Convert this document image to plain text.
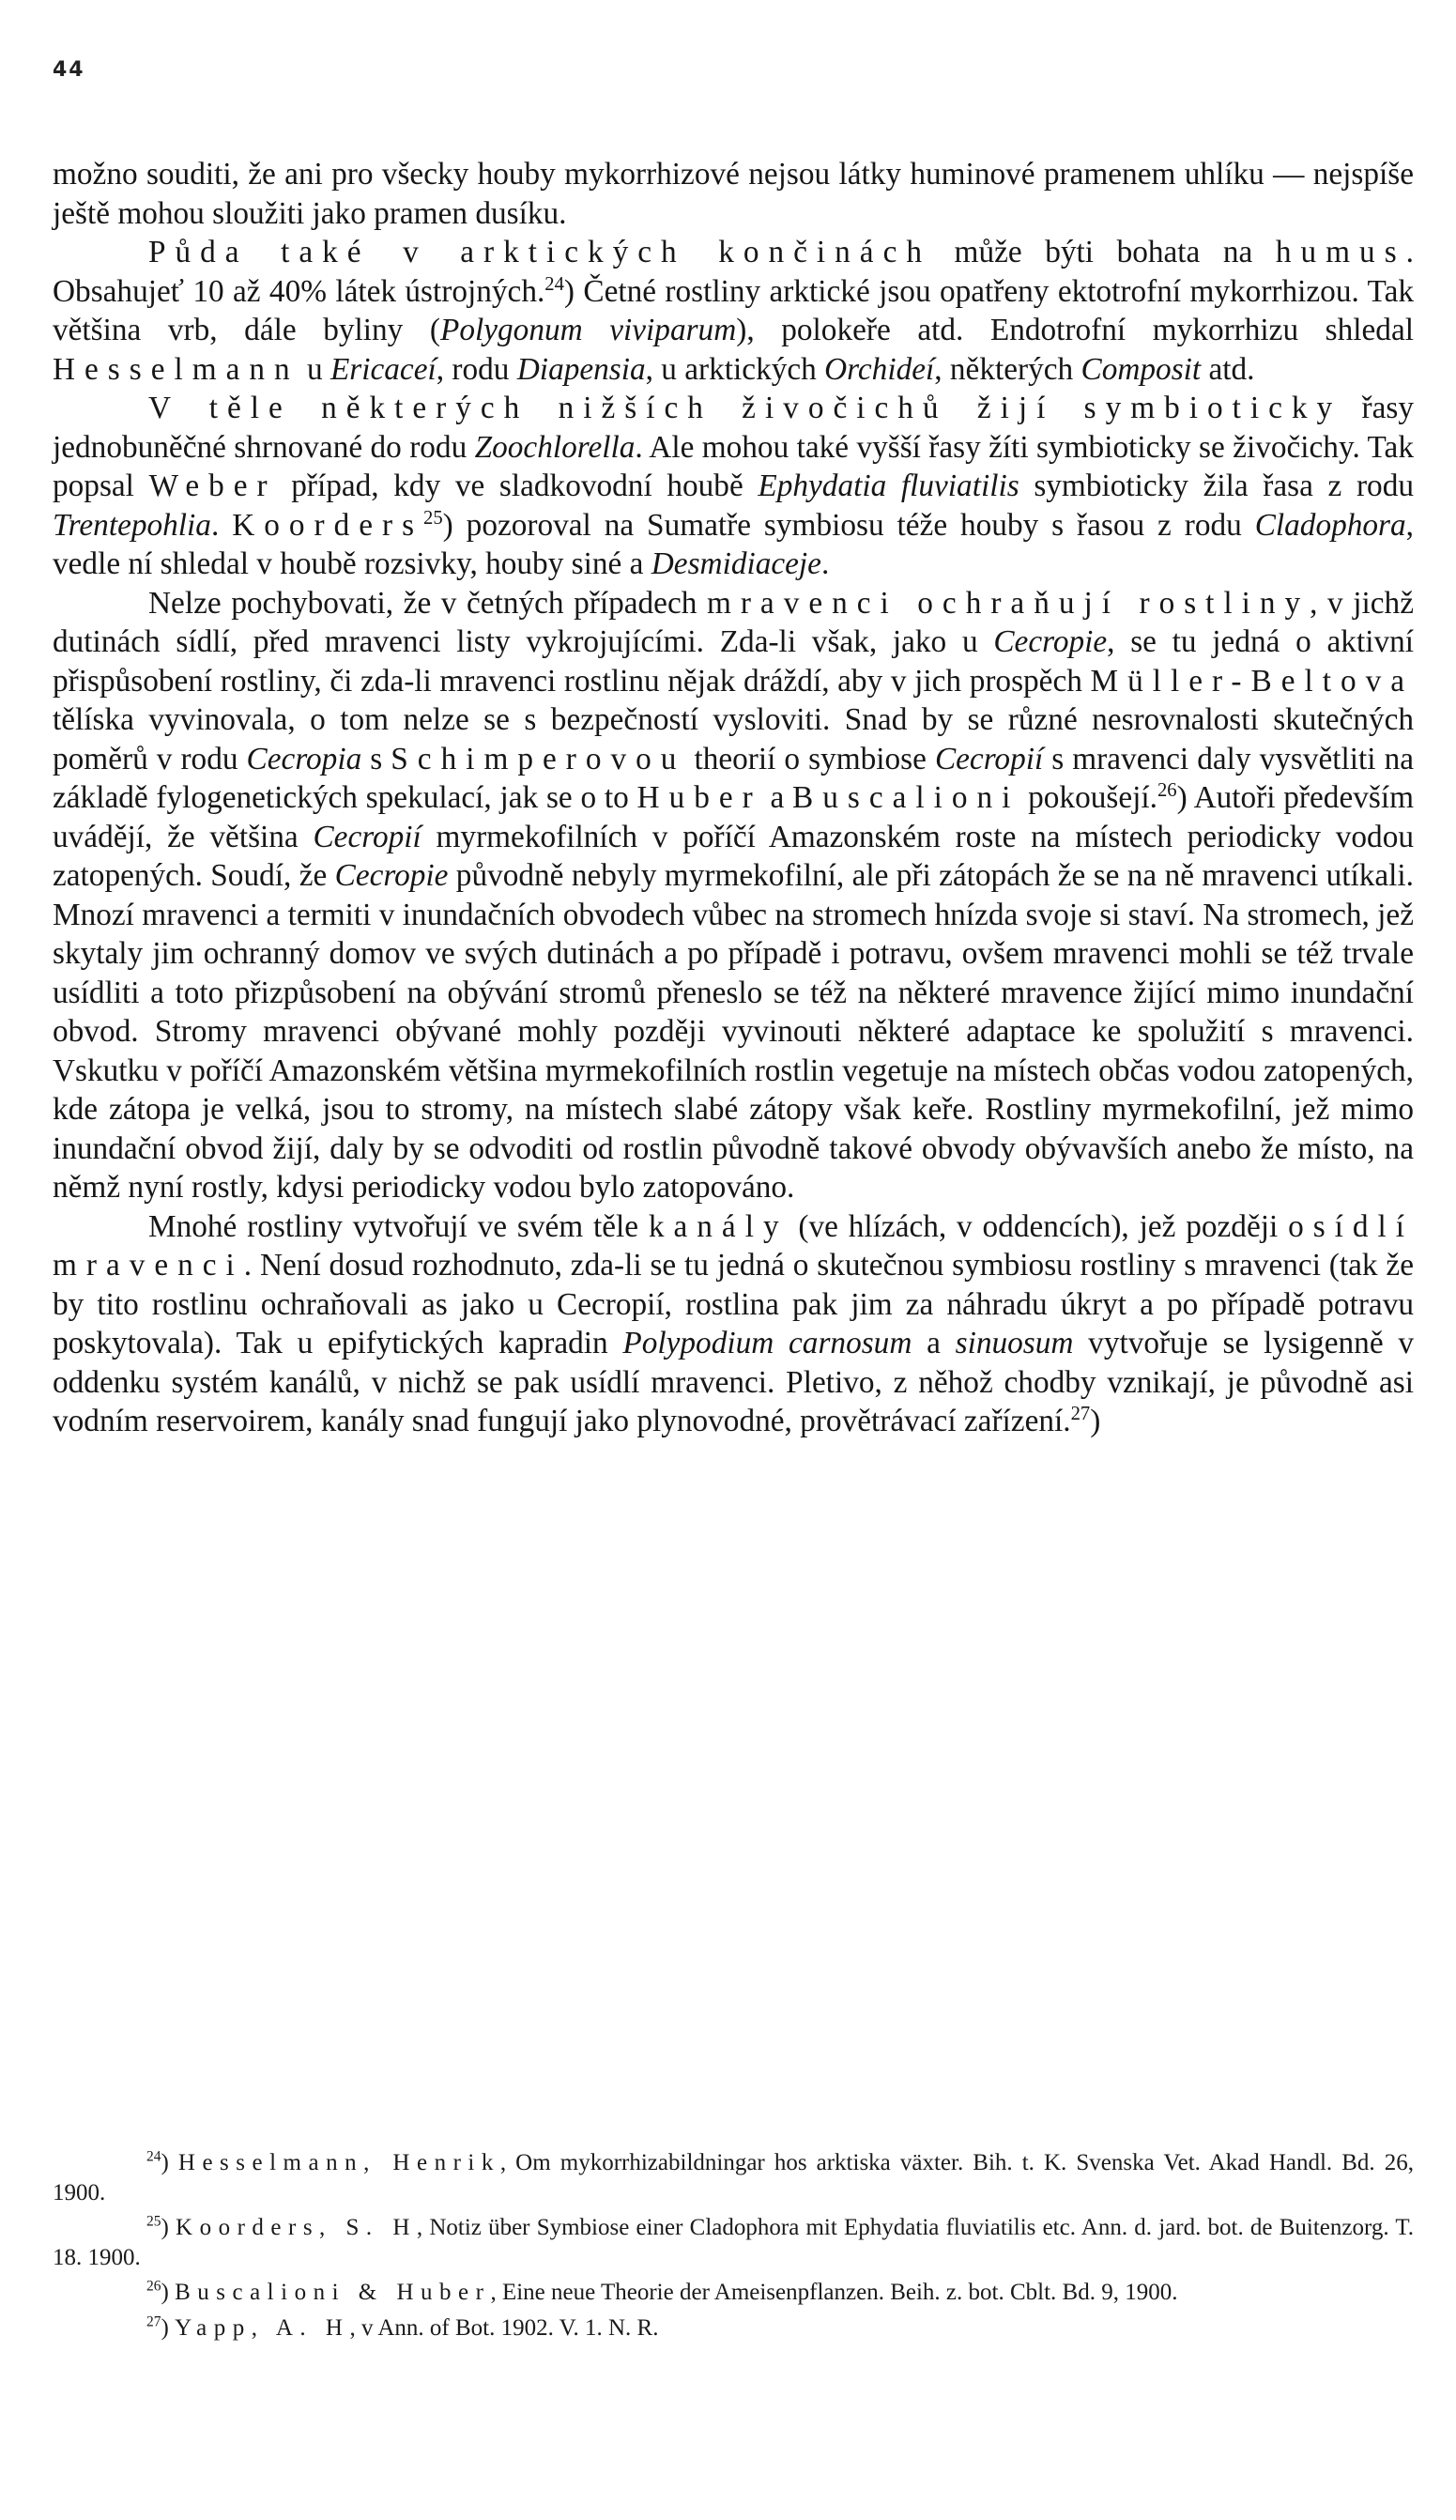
44

možno souditi, že ani pro všecky houby mykorrhizové nejsou látky huminové pramenem uhlíku — nejspíše ještě mohou sloužiti jako pramen dusíku.

Půda také v arktických končinách může býti bohata na humus. Obsahujeť 10 až 40% látek ústrojných.$^{24}$) Četné rostliny arktické jsou opatřeny ektotrofní mykorrhizou. Tak většina vrb, dále byliny (Polygonum viviparum), polokeře atd. Endotrofní mykorrhizu shledal Hesselmann u Ericaceí, rodu Diapensia, u arktických Orchideí, některých Composit atd.

V těle některých nižších živočichů žijí symbioticky řasy jednobuněčné shrnované do rodu Zoochlorella. Ale mohou také vyšší řasy žíti symbioticky se živočichy. Tak popsal Weber případ, kdy ve sladkovodní houbě Ephydatia fluviatilis symbioticky žila řasa z rodu Trentepohlia. Koorders$^{25}$) pozoroval na Sumatře symbiosu téže houby s řasou z rodu Cladophora, vedle ní shledal v houbě rozsivky, houby siné a Desmidiaceje.

Nelze pochybovati, že v četných případech mravenci ochraňují rostliny, v jichž dutinách sídlí, před mravenci listy vykrojujícími. Zda-li však, jako u Cecropie, se tu jedná o aktivní přispůsobení rostliny, či zda-li mravenci rostlinu nějak dráždí, aby v jich prospěch Müller-Beltova tělíska vyvinovala, o tom nelze se s bezpečností vysloviti. Snad by se různé nesrovnalosti skutečných poměrů v rodu Cecropia s Schimperovou theorií o symbiose Cecropií s mravenci daly vysvětliti na základě fylogenetických spekulací, jak se o to Huber a Buscalioni pokoušejí.$^{26}$) Autoři především uvádějí, že většina Cecropií myrmekofilních v poříčí Amazonském roste na místech periodicky vodou zatopených. Soudí, že Cecropie původně nebyly myrmekofilní, ale při zátopách že se na ně mravenci utíkali. Mnozí mravenci a termiti v inundačních obvodech vůbec na stromech hnízda svoje si staví. Na stromech, jež skytaly jim ochranný domov ve svých dutinách a po případě i potravu, ovšem mravenci mohli se též trvale usídliti a toto přizpůsobení na obývání stromů přeneslo se též na některé mravence žijící mimo inundační obvod. Stromy mravenci obývané mohly později vyvinouti některé adaptace ke spolužití s mravenci. Vskutku v poříčí Amazonském většina myrmekofilních rostlin vegetuje na místech občas vodou zatopených, kde zátopa je velká, jsou to stromy, na místech slabé zátopy však keře. Rostliny myrmekofilní, jež mimo inundační obvod žijí, daly by se odvoditi od rostlin původně takové obvody obývavších anebo že místo, na němž nyní rostly, kdysi periodicky vodou bylo zatopováno.

Mnohé rostliny vytvořují ve svém těle kanály (ve hlízách, v oddencích), jež později osídlí mravenci. Není dosud rozhodnuto, zda-li se tu jedná o skutečnou symbiosu rostliny s mravenci (tak že by tito rostlinu ochraňovali as jako u Cecropií, rostlina pak jim za náhradu úkryt a po případě potravu poskytovala). Tak u epifytických kapradin Polypodium carnosum a sinuosum vytvořuje se lysigenně v oddenku systém kanálů, v nichž se pak usídlí mravenci. Pletivo, z něhož chodby vznikají, je původně asi vodním reservoirem, kanály snad fungují jako plynovodné, provětrávací zařízení.$^{27}$)

$^{24}$) Hesselmann, Henrik, Om mykorrhizabildningar hos arktiska växter. Bih. t. K. Svenska Vet. Akad Handl. Bd. 26, 1900.

$^{25}$) Koorders, S. H, Notiz über Symbiose einer Cladophora mit Ephydatia fluviatilis etc. Ann. d. jard. bot. de Buitenzorg. T. 18. 1900.

$^{26}$) Buscalioni & Huber, Eine neue Theorie der Ameisenpflanzen. Beih. z. bot. Cblt. Bd. 9, 1900.

$^{27}$) Yapp, A. H, v Ann. of Bot. 1902. V. 1. N. R.
